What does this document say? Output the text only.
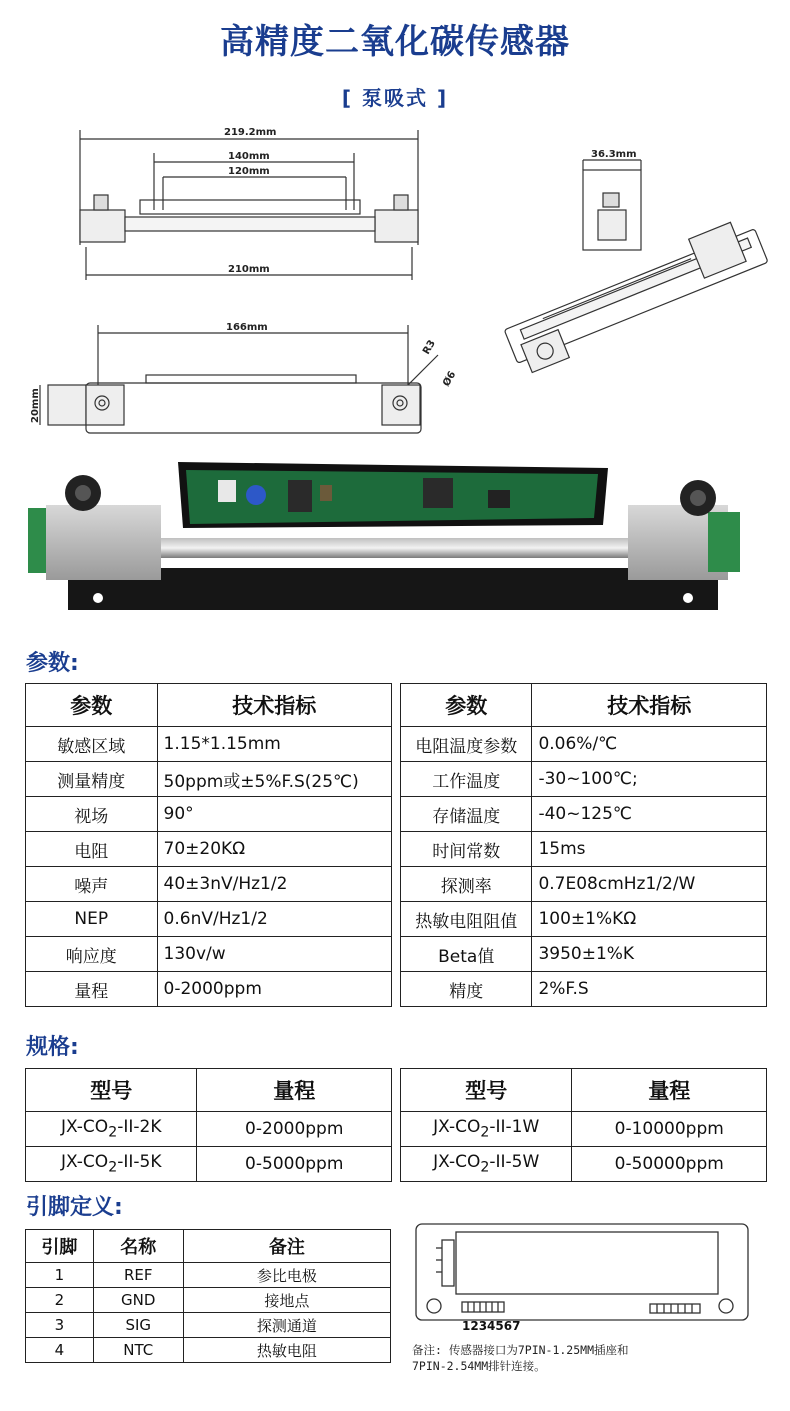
高精度二氧化碳传感器
[ 泵吸式 ]
219.2mm
140mm
120mm
210mm
36.3mm
166mm
R3
Ø6
20mm
参数:
参数	技术指标
敏感区域	1.15*1.15mm
测量精度	50ppm或±5%F.S(25℃)
视场	90°
电阻	70±20KΩ
噪声	40±3nV/Hz1/2
NEP	0.6nV/Hz1/2
响应度	130v/w
量程	0-2000ppm
参数	技术指标
电阻温度参数	0.06%/℃
工作温度	-30~100℃;
存储温度	-40~125℃
时间常数	15ms
探测率	0.7E08cmHz1/2/W
热敏电阻阻值	100±1%KΩ
Beta值	3950±1%K
精度	2%F.S
规格:
型号	量程
$JX-CO_2-II-2K$	0-2000ppm
$JX-CO_2-II-5K$	0-5000ppm
型号	量程
$JX-CO_2-II-1W$	0-10000ppm
$JX-CO_2-II-5W$	0-50000ppm
引脚定义:
引脚	名称	备注
1	REF	参比电极
2	GND	接地点
3	SIG	探测通道
4	NTC	热敏电阻
1234567
备注: 传感器接口为7PIN-1.25MM插座和
7PIN-2.54MM排针连接。
